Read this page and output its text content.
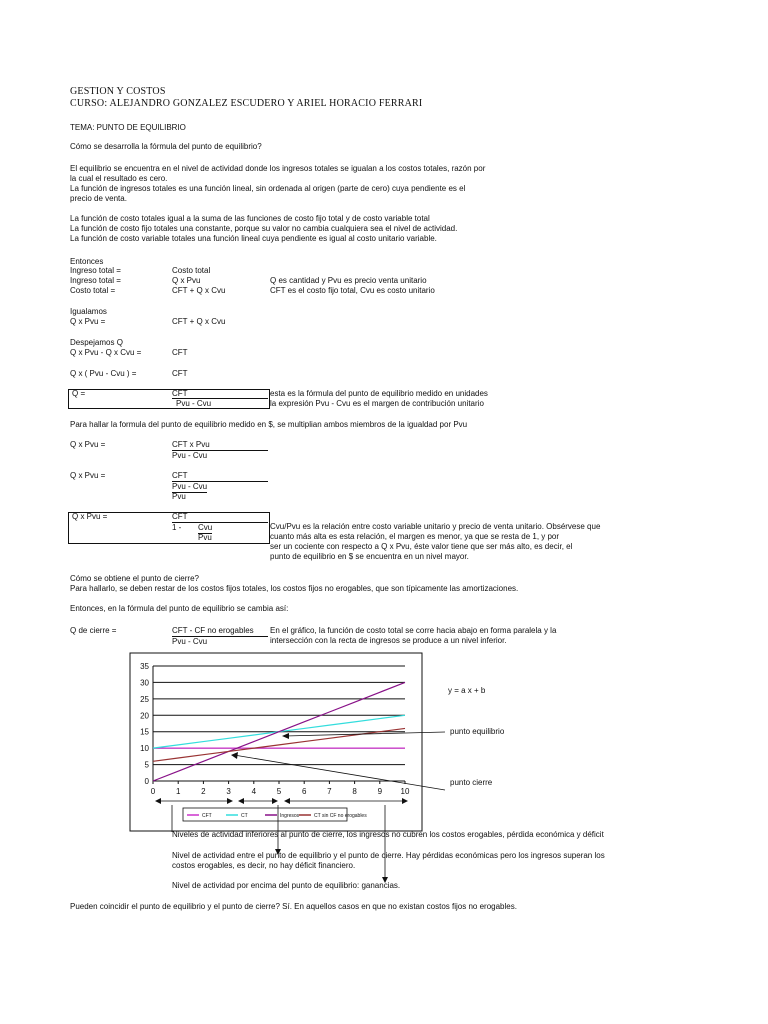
GESTION Y COSTOS
CURSO: ALEJANDRO GONZALEZ ESCUDERO Y ARIEL HORACIO FERRARI
TEMA: PUNTO DE EQUILIBRIO
Cómo se desarrolla la fórmula del punto de equilibrio?
El equilibrio se encuentra en el nivel de actividad donde los ingresos totales se igualan a los costos totales, razón por
la cual el resultado es cero.
La función de ingresos totales es una función lineal, sin ordenada al origen (parte de cero) cuya pendiente es el
precio de venta.
La función de costo totales igual a la suma de las funciones de costo fijo total y de costo variable total
La función de costo fijo totales una constante, porque su valor no cambia cualquiera sea el nivel de actividad.
La función de costo variable totales una función lineal cuya pendiente es igual al costo unitario variable.
Entonces
Ingreso total =	Costo total
Ingreso total =	Q x Pvu	Q es cantidad y Pvu es precio venta unitario
Costo total =	CFT + Q x Cvu	CFT es el costo fijo total, Cvu es costo unitario
Igualamos
Q x Pvu =	CFT + Q x Cvu
Despejamos Q
Q x Pvu - Q x Cvu =	CFT
Q x ( Pvu - Cvu ) =	CFT
Q =	CFT
Pvu - Cvu
esta es la fórmula del punto de equilibrio medido en unidades
la expresión Pvu - Cvu es el margen de contribución unitario
Para hallar la formula del punto de equilibrio medido en $, se multiplian ambos miembros de la igualdad por Pvu
Q x Pvu =	CFT x Pvu
Pvu - Cvu
Q x Pvu =	CFT
Pvu - Cvu
Pvu
Q x Pvu =	CFT
1 - Cvu
Pvu
Cvu/Pvu es la relación entre costo variable unitario y precio de venta unitario. Obsérvese que
cuanto más alta es esta relación, el margen es menor, ya que se resta de 1, y por
ser un cociente con respecto a Q x Pvu, éste valor tiene que ser más alto, es decir, el
punto de equilibrio en $ se encuentra en un nivel mayor.
Cómo se obtiene el punto de cierre?
Para hallarlo, se deben restar de los costos fijos totales, los costos fijos no erogables, que son típicamente las amortizaciones.
Entonces, en la fórmula del punto de equilibrio se cambia así:
Q de cierre =	CFT - CF no erogables
Pvu - Cvu
En el gráfico, la función de costo total se corre hacia abajo en forma paralela y la
intersección con la recta de ingresos se produce a un nivel inferior.
0
5
10
15
20
25
30
35
0	1	2	3	4	5	6	7	8	9 10
CFT	CT	Ingresos	CT sin CF no erogables
y = a x + b
punto equilibrio
punto cierre
Niveles de actividad inferiores al punto de cierre, los ingresos no cubren los costos erogables, pérdida económica y déficit
Nivel de actividad entre el punto de equilibrio y el punto de cierre. Hay pérdidas económicas pero los ingresos superan los
costos erogables, es decir, no hay déficit financiero.
Nivel de actividad por encima del punto de equilibrio: ganancias.
Pueden coincidir el punto de equilibrio y el punto de cierre? Sí. En aquellos casos en que no existan costos fijos no erogables.
